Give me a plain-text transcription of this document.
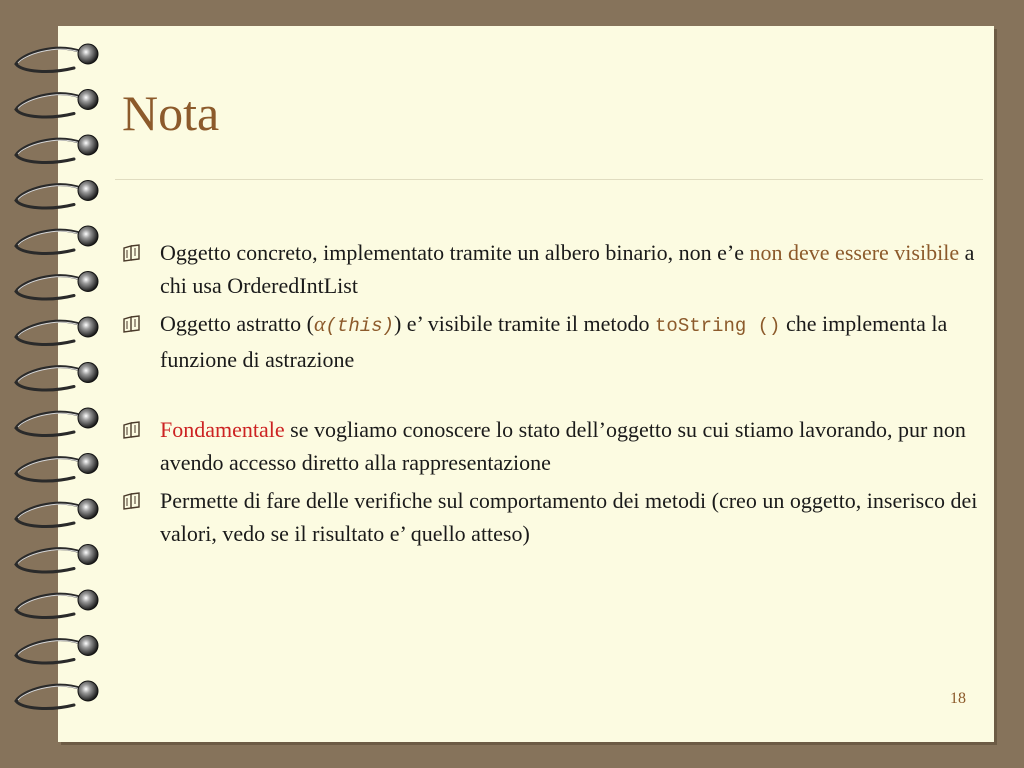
Nota
Oggetto concreto, implementato tramite un albero binario, non e’e non deve essere visibile a chi usa OrderedIntList
Oggetto astratto (α(this)) e’ visibile tramite il metodo toString () che implementa la funzione di astrazione
Fondamentale se vogliamo conoscere lo stato dell’oggetto su cui stiamo lavorando, pur non avendo accesso diretto alla rappresentazione
Permette di fare delle verifiche sul comportamento dei metodi (creo un oggetto, inserisco dei valori, vedo se il risultato e’ quello atteso)
18
